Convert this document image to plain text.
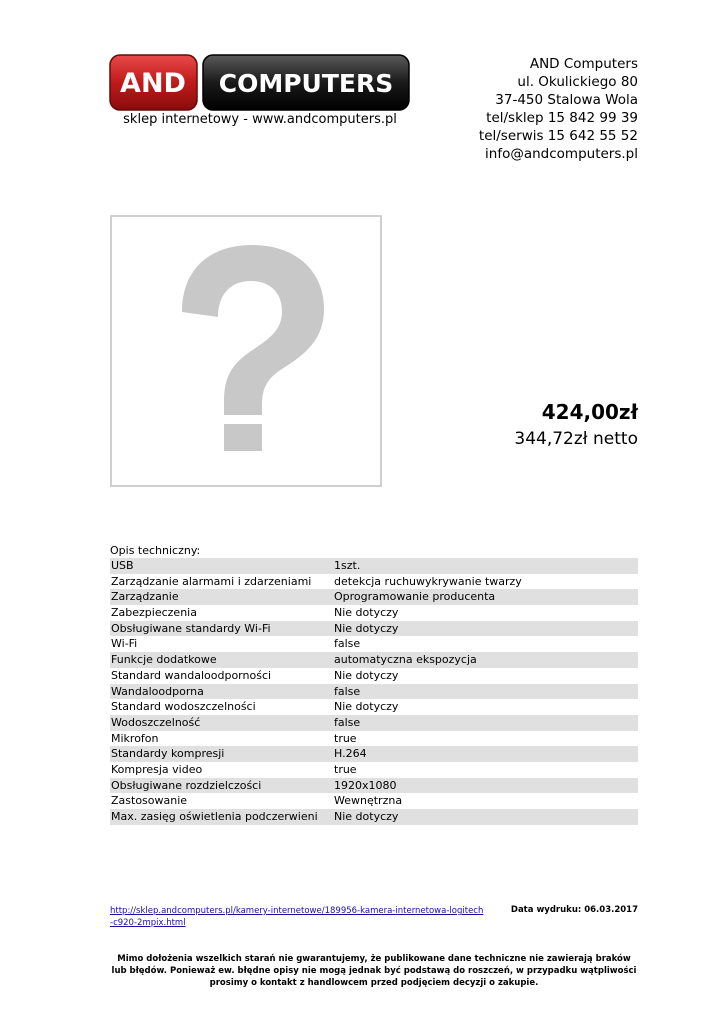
AND COMPUTERS
sklep internetowy - www.andcomputers.pl
AND Computers
ul. Okulickiego 80
37-450 Stalowa Wola
tel/sklep 15 842 99 39
tel/serwis 15 642 55 52
info@andcomputers.pl
424,00zł
344,72zł netto
Opis techniczny:
USB	1szt.
Zarządzanie alarmami i zdarzeniami	detekcja ruchuwykrywanie twarzy
Zarządzanie	Oprogramowanie producenta
Zabezpieczenia	Nie dotyczy
Obsługiwane standardy Wi-Fi	Nie dotyczy
Wi-Fi	false
Funkcje dodatkowe	automatyczna ekspozycja
Standard wandaloodporności	Nie dotyczy
Wandaloodporna	false
Standard wodoszczelności	Nie dotyczy
Wodoszczelność	false
Mikrofon	true
Standardy kompresji	H.264
Kompresja video	true
Obsługiwane rozdzielczości	1920x1080
Zastosowanie	Wewnętrzna
Max. zasięg oświetlenia podczerwieni	Nie dotyczy
http://sklep.andcomputers.pl/kamery-internetowe/189956-kamera-internetowa-logitech-c920-2mpix.html
Data wydruku: 06.03.2017
Mimo dołożenia wszelkich starań nie gwarantujemy, że publikowane dane techniczne nie zawierają braków lub błędów. Ponieważ ew. błędne opisy nie mogą jednak być podstawą do roszczeń, w przypadku wątpliwości prosimy o kontakt z handlowcem przed podjęciem decyzji o zakupie.
